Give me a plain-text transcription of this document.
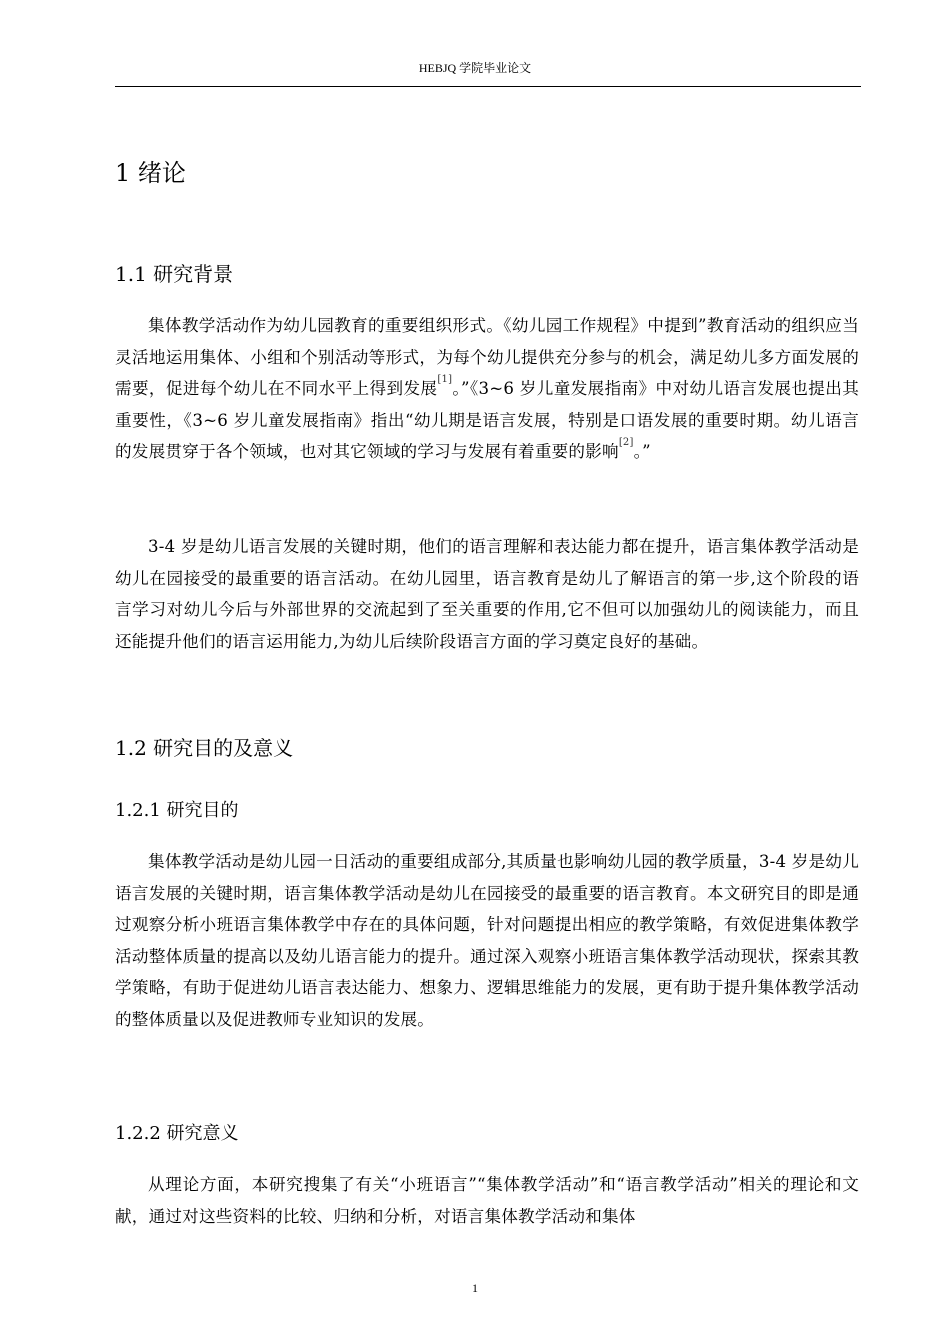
HEBJQ 学院毕业论文
1 绪论
1.1 研究背景

集体教学活动作为幼儿园教育的重要组织形式。《幼儿园工作规程》中提到”教育活动的组织应当灵活地运用集体、小组和个别活动等形式，为每个幼儿提供充分参与的机会，满足幼儿多方面发展的需要，促进每个幼儿在不同水平上得到发展[1]。”《3~6 岁儿童发展指南》中对幼儿语言发展也提出其重要性，《3~6 岁儿童发展指南》指出“幼儿期是语言发展，特别是口语发展的重要时期。幼儿语言的发展贯穿于各个领域，也对其它领域的学习与发展有着重要的影响[2]。”

3-4 岁是幼儿语言发展的关键时期，他们的语言理解和表达能力都在提升，语言集体教学活动是幼儿在园接受的最重要的语言活动。在幼儿园里，语言教育是幼儿了解语言的第一步,这个阶段的语言学习对幼儿今后与外部世界的交流起到了至关重要的作用,它不但可以加强幼儿的阅读能力，而且还能提升他们的语言运用能力,为幼儿后续阶段语言方面的学习奠定良好的基础。

1.2 研究目的及意义
1.2.1 研究目的

集体教学活动是幼儿园一日活动的重要组成部分,其质量也影响幼儿园的教学质量，3-4 岁是幼儿语言发展的关键时期，语言集体教学活动是幼儿在园接受的最重要的语言教育。本文研究目的即是通过观察分析小班语言集体教学中存在的具体问题，针对问题提出相应的教学策略，有效促进集体教学活动整体质量的提高以及幼儿语言能力的提升。通过深入观察小班语言集体教学活动现状，探索其教学策略，有助于促进幼儿语言表达能力、想象力、逻辑思维能力的发展，更有助于提升集体教学活动的整体质量以及促进教师专业知识的发展。

1.2.2 研究意义

从理论方面，本研究搜集了有关“小班语言”“集体教学活动”和“语言教学活动”相关的理论和文献，通过对这些资料的比较、归纳和分析，对语言集体教学活动和集体

1
